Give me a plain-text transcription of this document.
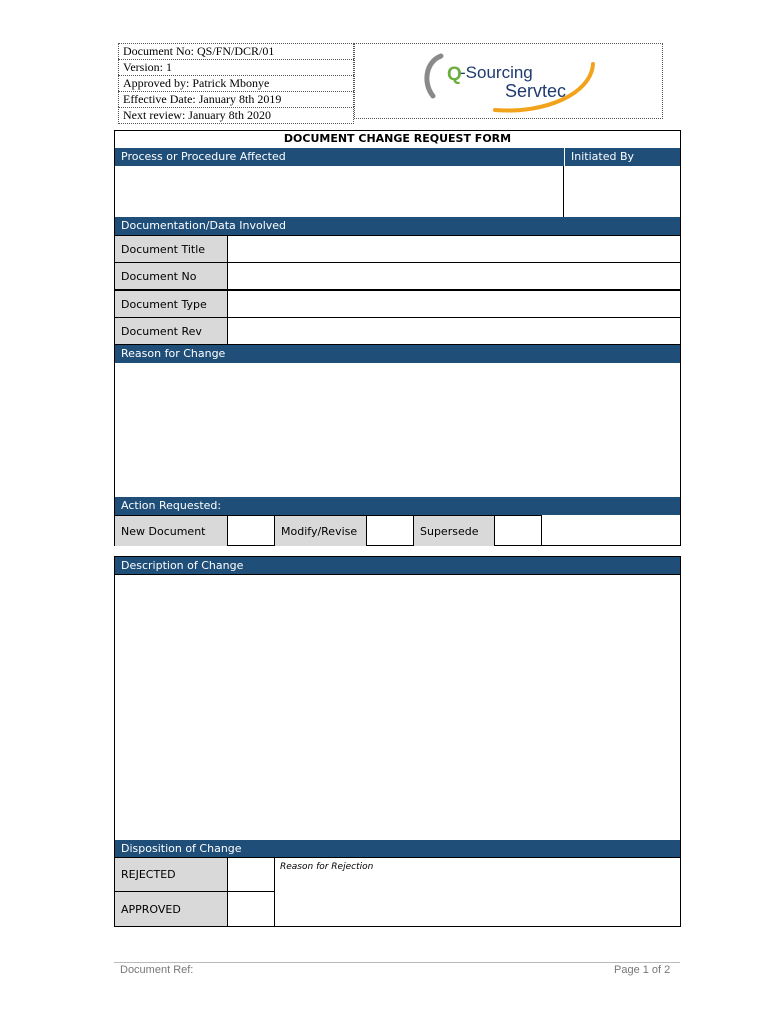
Document No: QS/FN/DCR/01
Version: 1
Approved by: Patrick Mbonye
Effective Date: January 8th 2019
Next review: January 8th 2020
Q
-Sourcing
Servtec
DOCUMENT CHANGE REQUEST FORM
Process or Procedure Affected	Initiated By
Documentation/Data Involved
Document Title
Document No
Document Type
Document Rev
Reason for Change
Action Requested:
New Document	Modify/Revise	Supersede
Description of Change
Disposition of Change
REJECTED
APPROVED
Reason for Rejection
Document Ref:	Page 1 of 2
